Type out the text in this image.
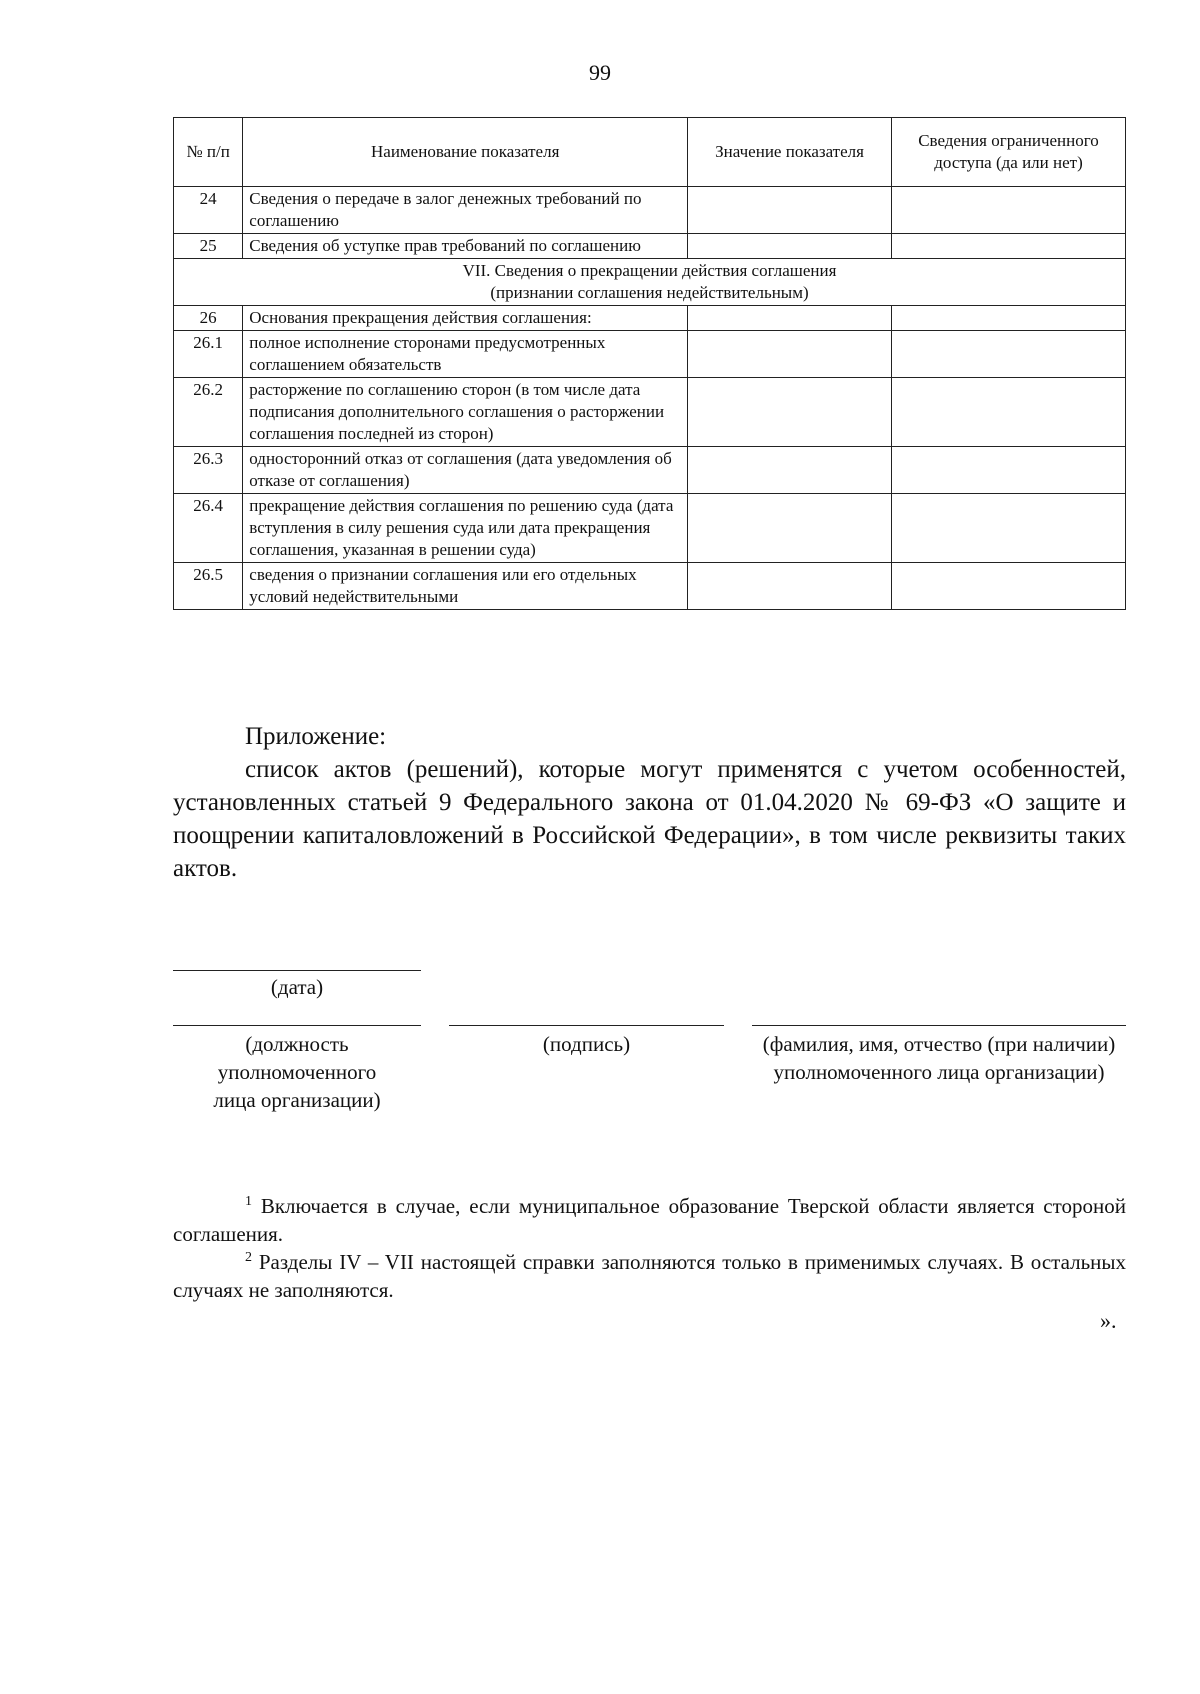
99
№ п/п	Наименование показателя	Значение показателя	Сведения ограниченного доступа (да или нет)
24	Сведения о передаче в залог денежных требований по соглашению		
25	Сведения об уступке прав требований по соглашению		

VII. Сведения о прекращении действия соглашения
(признании соглашения недействительным)			

26	Основания прекращения действия соглашения:		
26.1	полное исполнение сторонами предусмотренных соглашением обязательств		
26.2	расторжение по соглашению сторон (в том числе дата подписания дополнительного соглашения о расторжении соглашения последней из сторон)		
26.3	односторонний отказ от соглашения (дата уведомления об отказе от соглашения)		
26.4	прекращение действия соглашения по решению суда (дата вступления в силу решения суда или дата прекращения соглашения, указанная в решении суда)		
26.5	сведения о признании соглашения или его отдельных условий недействительными		
Приложение:
список актов (решений), которые могут применятся с учетом особенностей, установленных статьей 9 Федерального закона от 01.04.2020 № 69-ФЗ «О защите и поощрении капиталовложений в Российской Федерации», в том числе реквизиты таких актов.
(дата)
(должность уполномоченного лица организации)
(подпись)	(фамилия, имя, отчество (при наличии) уполномоченного лица организации)

$^1$ Включается в случае, если муниципальное образование Тверской области является стороной соглашения.

$^2$ Разделы IV – VII настоящей справки заполняются только в применимых случаях. В остальных случаях не заполняются.

».
